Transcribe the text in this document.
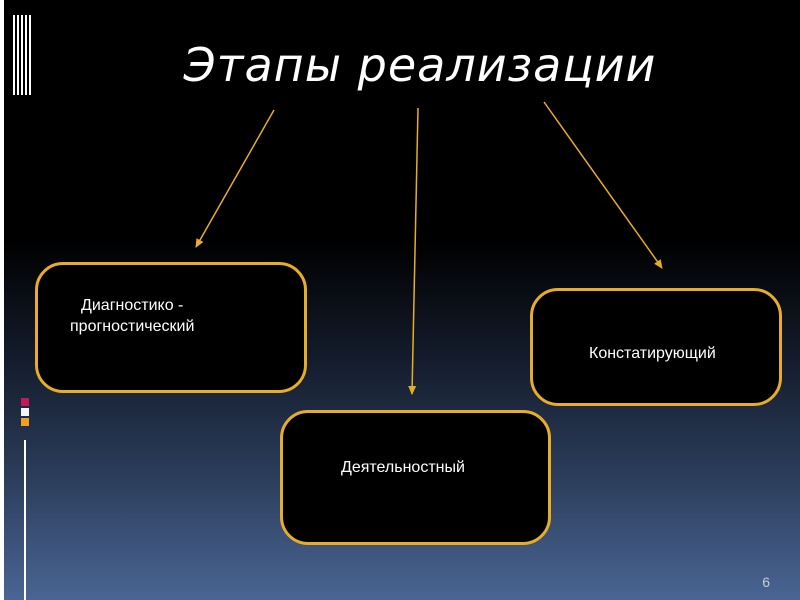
Этапы реализации
Диагностико -
прогностический
Деятельностный
Констатирующий
6
